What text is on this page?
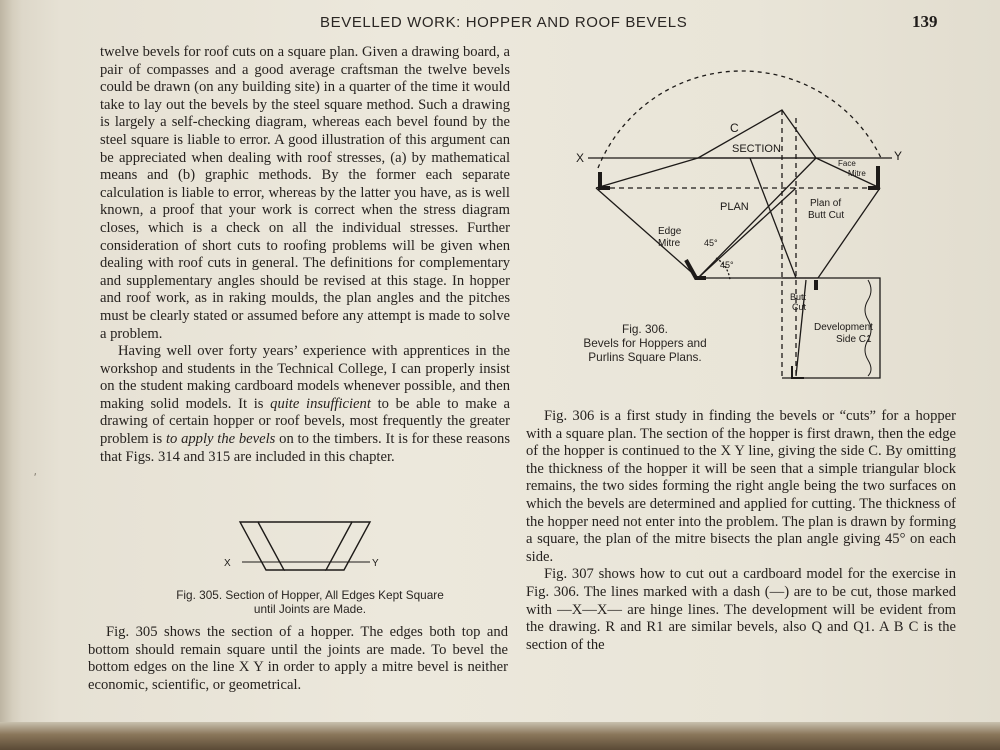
BEVELLED WORK: HOPPER AND ROOF BEVELS	139

twelve bevels for roof cuts on a square plan. Given a drawing board, a pair of compasses and a good average craftsman the twelve bevels could be drawn (on any building site) in a quarter of the time it would take to lay out the bevels by the steel square method. Such a drawing is largely a self-checking diagram, whereas each bevel found by the steel square is liable to error. A good illustration of this argument can be appreciated when dealing with roof stresses, (a) by mathematical means and (b) graphic methods. By the former each separate calculation is liable to error, whereas by the latter you have, as is well known, a proof that your work is correct when the stress diagram closes, which is a check on all the individual stresses. Further consideration of short cuts to roofing problems will be given when dealing with roof cuts in general. The definitions for complementary and supplementary angles should be revised at this stage. In hopper and roof work, as in raking moulds, the plan angles and the pitches must be clearly stated or assumed before any attempt is made to solve a problem.

Having well over forty years’ experience with apprentices in the workshop and students in the Technical College, I can properly insist on the student making cardboard models whenever possible, and then making solid models. It is quite insufficient to be able to make a drawing of certain hopper or roof bevels, most frequently the greater problem is to apply the bevels on to the timbers. It is for these reasons that Figs. 314 and 315 are included in this chapter.

X	Y
Fig. 305. Section of Hopper, All Edges Kept Square
until Joints are Made.

Fig. 305 shows the section of a hopper. The edges both top and bottom should remain square until the joints are made. To bevel the bottom edges on the line X Y in order to apply a mitre bevel is neither economic, scientific, or geometrical.

X	Y
C
SECTION
Face
Mitre
PLAN	Plan of
Butt Cut
Edge
Mitre	45°
45°
Butt
Cut
Development
Side C1
Fig. 306.
Bevels for Hoppers and
Purlins Square Plans.

Fig. 306 is a first study in finding the bevels or “cuts” for a hopper with a square plan. The section of the hopper is first drawn, then the edge of the hopper is continued to the X Y line, giving the side C. By omitting the thickness of the hopper it will be seen that a simple triangular block remains, the two sides forming the right angle being the two surfaces on which the bevels are determined and applied for cutting. The thickness of the hopper need not enter into the problem. The plan is drawn by forming a square, the plan of the mitre bisects the plan angle giving 45° on each side.

Fig. 307 shows how to cut out a cardboard model for the exercise in Fig. 306. The lines marked with a dash (—) are to be cut, those marked with —X—X— are hinge lines. The development will be evident from the drawing. R and R1 are similar bevels, also Q and Q1. A B C is the section of the

ʹ
